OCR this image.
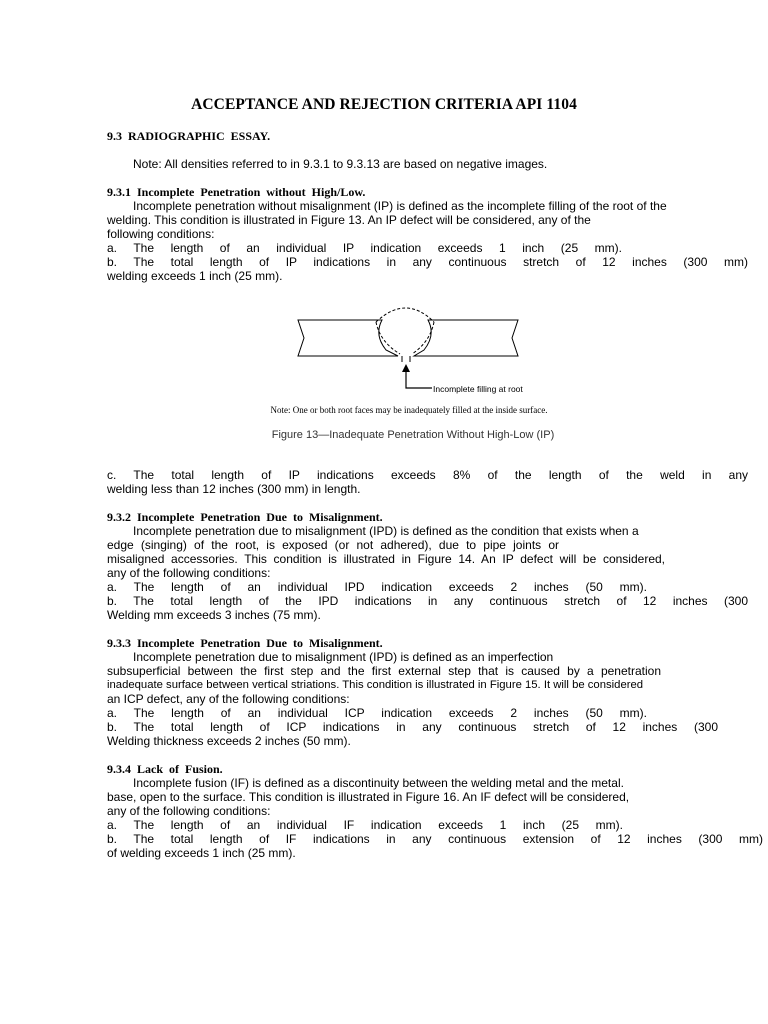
ACCEPTANCE AND REJECTION CRITERIA API 1104
9.3  RADIOGRAPHIC  ESSAY.
Note: All densities referred to in 9.3.1 to 9.3.13 are based on negative images.
9.3.1  Incomplete  Penetration  without  High/Low.
Incomplete penetration without misalignment (IP) is defined as the incomplete filling of the root of the
welding. This condition is illustrated in Figure 13. An IP defect will be considered, any of the
following conditions:
a. The length of an individual IP indication exceeds 1 inch (25 mm).
b. The total length of IP indications in any continuous stretch of 12 inches (300 mm)
welding exceeds 1 inch (25 mm).
Incomplete filling at root
Note: One or both root faces may be inadequately filled at the inside surface.
Figure 13—Inadequate Penetration Without High-Low (IP)
c. The total length of IP indications exceeds 8% of the length of the weld in any
welding less than 12 inches (300 mm) in length.
9.3.2  Incomplete  Penetration  Due  to  Misalignment.
Incomplete penetration due to misalignment (IPD) is defined as the condition that exists when a
edge (singing) of the root, is exposed (or not adhered), due to pipe joints or
misaligned accessories. This condition is illustrated in Figure 14. An IP defect will be considered,
any of the following conditions:
a. The length of an individual IPD indication exceeds 2 inches (50 mm).
b. The total length of the IPD indications in any continuous stretch of 12 inches (300
Welding mm exceeds 3 inches (75 mm).
9.3.3  Incomplete  Penetration  Due  to  Misalignment.
Incomplete penetration due to misalignment (IPD) is defined as an imperfection
subsuperficial between the first step and the first external step that is caused by a penetration
inadequate surface between vertical striations. This condition is illustrated in Figure 15. It will be considered
an ICP defect, any of the following conditions:
a. The length of an individual ICP indication exceeds 2 inches (50 mm).
b. The total length of ICP indications in any continuous stretch of 12 inches (300
Welding thickness exceeds 2 inches (50 mm).
9.3.4  Lack  of  Fusion.
Incomplete fusion (IF) is defined as a discontinuity between the welding metal and the metal.
base, open to the surface. This condition is illustrated in Figure 16. An IF defect will be considered,
any of the following conditions:
a. The length of an individual IF indication exceeds 1 inch (25 mm).
b. The total length of IF indications in any continuous extension of 12 inches (300 mm)
of welding exceeds 1 inch (25 mm).
